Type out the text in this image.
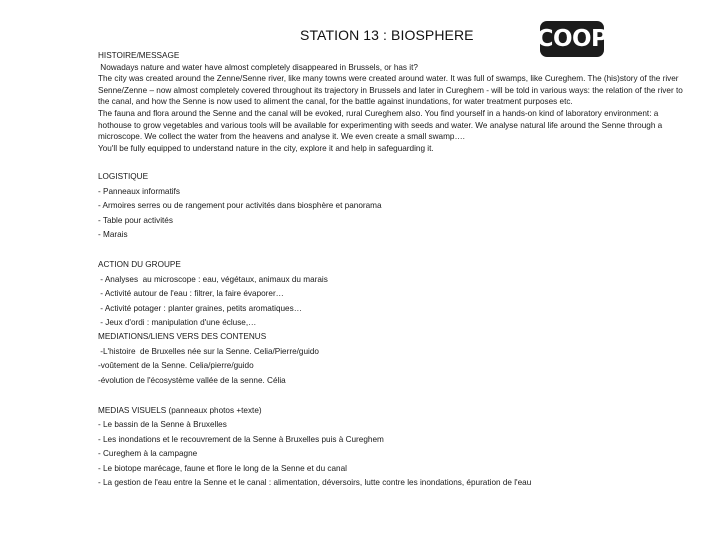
STATION 13 : BIOSPHERE	COOP

HISTOIRE/MESSAGE

Nowadays nature and water have almost completely disappeared in Brussels, or has it?

The city was created around the Zenne/Senne river, like many towns were created around water. It was full of swamps, like Cureghem. The (his)story of the river Senne/Zenne – now almost completely covered throughout its trajectory in Brussels and later in Cureghem - will be told in various ways: the relation of the river to the canal, and how the Senne is now used to aliment the canal, for the battle against inundations, for water treatment purposes etc.

The fauna and flora around the Senne and the canal will be evoked, rural Cureghem also. You find yourself in a hands-on kind of laboratory environment: a hothouse to grow vegetables and various tools will be available for experimenting with seeds and water. We analyse natural life around the Senne through a microscope. We collect the water from the heavens and analyse it. We even create a small swamp….

You'll be fully equipped to understand nature in the city, explore it and help in safeguarding it.

LOGISTIQUE

- Panneaux informatifs

- Armoires serres ou de rangement pour activités dans biosphère et panorama

- Table pour activités

- Marais

ACTION DU GROUPE

- Analyses  au microscope : eau, végétaux, animaux du marais

- Activité autour de l'eau : filtrer, la faire évaporer…

- Activité potager : planter graines, petits aromatiques…

- Jeux d'ordi : manipulation d'une écluse,…

MEDIATIONS/LIENS VERS DES CONTENUS

-L'histoire  de Bruxelles née sur la Senne. Celia/Pierre/guido

-voûtement de la Senne. Celia/pierre/guido

-évolution de l'écosystème vallée de la senne. Célia

MEDIAS VISUELS (panneaux photos +texte)

- Le bassin de la Senne à Bruxelles

- Les inondations et le recouvrement de la Senne à Bruxelles puis à Cureghem

- Cureghem à la campagne

- Le biotope marécage, faune et flore le long de la Senne et du canal

- La gestion de l'eau entre la Senne et le canal : alimentation, déversoirs, lutte contre les inondations, épuration de l'eau
